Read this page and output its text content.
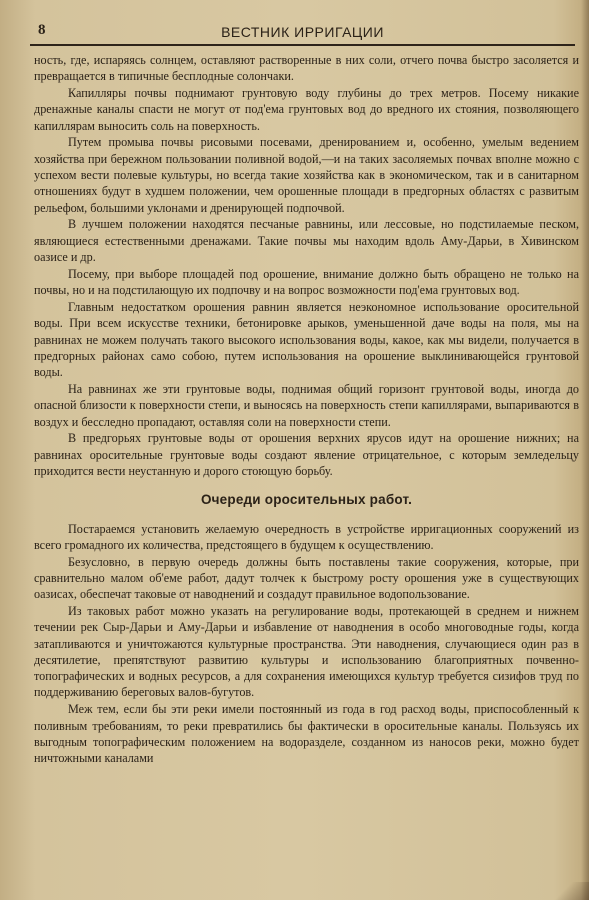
8	ВЕСТНИК ИРРИГАЦИИ

ность, где, испаряясь солнцем, оставляют растворенные в них соли, отчего почва быстро засоляется и превращается в типичные бесплодные солончаки.

Капилляры почвы поднимают грунтовую воду глубины до трех метров. Посему никакие дренажные каналы спасти не могут от под'ема грунтовых вод до вредного их стояния, позволяющего капиллярам выносить соль на поверхность.

Путем промыва почвы рисовыми посевами, дренированием и, особенно, умелым ведением хозяйства при бережном пользовании поливной водой,—и на таких засоляемых почвах вполне можно с успехом вести полевые культуры, но всегда такие хозяйства как в экономическом, так и в санитарном отношениях будут в худшем положении, чем орошенные площади в предгорных областях с развитым рельефом, большими уклонами и дренирующей подпочвой.

В лучшем положении находятся песчаные равнины, или лессовые, но подстилаемые песком, являющиеся естественными дренажами. Такие почвы мы находим вдоль Аму-Дарьи, в Хивинском оазисе и др.

Посему, при выборе площадей под орошение, внимание должно быть обращено не только на почвы, но и на подстилающую их подпочву и на вопрос возможности под'ема грунтовых вод.

Главным недостатком орошения равнин является неэкономное использование оросительной воды. При всем искусстве техники, бетонировке арыков, уменьшенной даче воды на поля, мы на равнинах не можем получать такого высокого использования воды, какое, как мы видели, получается в предгорных районах само собою, путем использования на орошение выклинивающейся грунтовой воды.

На равнинах же эти грунтовые воды, поднимая общий горизонт грунтовой воды, иногда до опасной близости к поверхности степи, и выносясь на поверхность степи капиллярами, выпариваются в воздух и бесследно пропадают, оставляя соли на поверхности степи.

В предгорьях грунтовые воды от орошения верхних ярусов идут на орошение нижних; на равнинах оросительные грунтовые воды создают явление отрицательное, с которым земледельцу приходится вести неустанную и дорого стоющую борьбу.

Очереди оросительных работ.

Постараемся установить желаемую очередность в устройстве ирригационных сооружений из всего громадного их количества, предстоящего в будущем к осуществлению.

Безусловно, в первую очередь должны быть поставлены такие сооружения, которые, при сравнительно малом об'еме работ, дадут толчек к быстрому росту орошения уже в существующих оазисах, обеспечат таковые от наводнений и создадут правильное водопользование.

Из таковых работ можно указать на регулирование воды, протекающей в среднем и нижнем течении рек Сыр-Дарьи и Аму-Дарьи и избавление от наводнения в особо многоводные годы, когда затапливаются и уничтожаются культурные пространства. Эти наводнения, случающиеся один раз в десятилетие, препятствуют развитию культуры и использованию благоприятных почвенно-топографических и водных ресурсов, а для сохранения имеющихся культур требуется сизифов труд по поддерживанию береговых валов-бугутов.

Меж тем, если бы эти реки имели постоянный из года в год расход воды, приспособленный к поливным требованиям, то реки превратились бы фактически в оросительные каналы. Пользуясь их выгодным топографическим положением на водоразделе, созданном из наносов реки, можно будет ничтожными каналами
